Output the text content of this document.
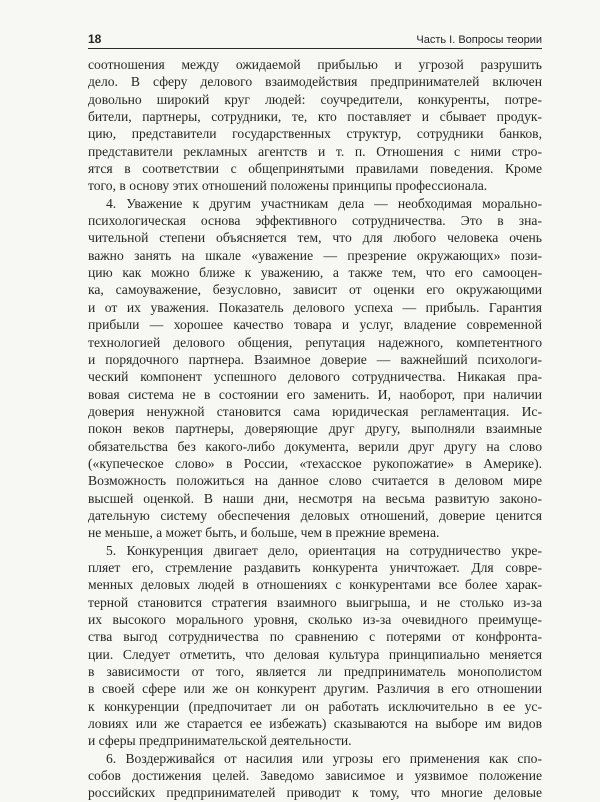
18	Часть I. Вопросы теории
соотношения между ожидаемой прибылью и угрозой разрушить
дело. В сферу делового взаимодействия предпринимателей включен
довольно широкий круг людей: соучредители, конкуренты, потре-
бители, партнеры, сотрудники, те, кто поставляет и сбывает продук-
цию, представители государственных структур, сотрудники банков,
представители рекламных агентств и т. п. Отношения с ними стро-
ятся в соответствии с общепринятыми правилами поведения. Кроме
того, в основу этих отношений положены принципы профессионала.
4. Уважение к другим участникам дела — необходимая морально-
психологическая основа эффективного сотрудничества. Это в зна-
чительной степени объясняется тем, что для любого человека очень
важно занять на шкале «уважение — презрение окружающих» пози-
цию как можно ближе к уважению, а также тем, что его самооцен-
ка, самоуважение, безусловно, зависит от оценки его окружающими
и от их уважения. Показатель делового успеха — прибыль. Гарантия
прибыли — хорошее качество товара и услуг, владение современной
технологией делового общения, репутация надежного, компетентного
и порядочного партнера. Взаимное доверие — важнейший психологи-
ческий компонент успешного делового сотрудничества. Никакая пра-
вовая система не в состоянии его заменить. И, наоборот, при наличии
доверия ненужной становится сама юридическая регламентация. Ис-
покон веков партнеры, доверяющие друг другу, выполняли взаимные
обязательства без какого-либо документа, верили друг другу на слово
(«купеческое слово» в России, «техасское рукопожатие» в Америке).
Возможность положиться на данное слово считается в деловом мире
высшей оценкой. В наши дни, несмотря на весьма развитую законо-
дательную систему обеспечения деловых отношений, доверие ценится
не меньше, а может быть, и больше, чем в прежние времена.
5. Конкуренция двигает дело, ориентация на сотрудничество укре-
пляет его, стремление раздавить конкурента уничтожает. Для совре-
менных деловых людей в отношениях с конкурентами все более харак-
терной становится стратегия взаимного выигрыша, и не столько из-за
их высокого морального уровня, сколько из-за очевидного преимуще-
ства выгод сотрудничества по сравнению с потерями от конфронта-
ции. Следует отметить, что деловая культура принципиально меняется
в зависимости от того, является ли предприниматель монополистом
в своей сфере или же он конкурент другим. Различия в его отношении
к конкуренции (предпочитает ли он работать исключительно в ее ус-
ловиях или же старается ее избежать) сказываются на выборе им видов
и сферы предпринимательской деятельности.
6. Воздерживайся от насилия или угрозы его применения как спо-
собов достижения целей. Заведомо зависимое и уязвимое положение
российских предпринимателей приводит к тому, что многие деловые
